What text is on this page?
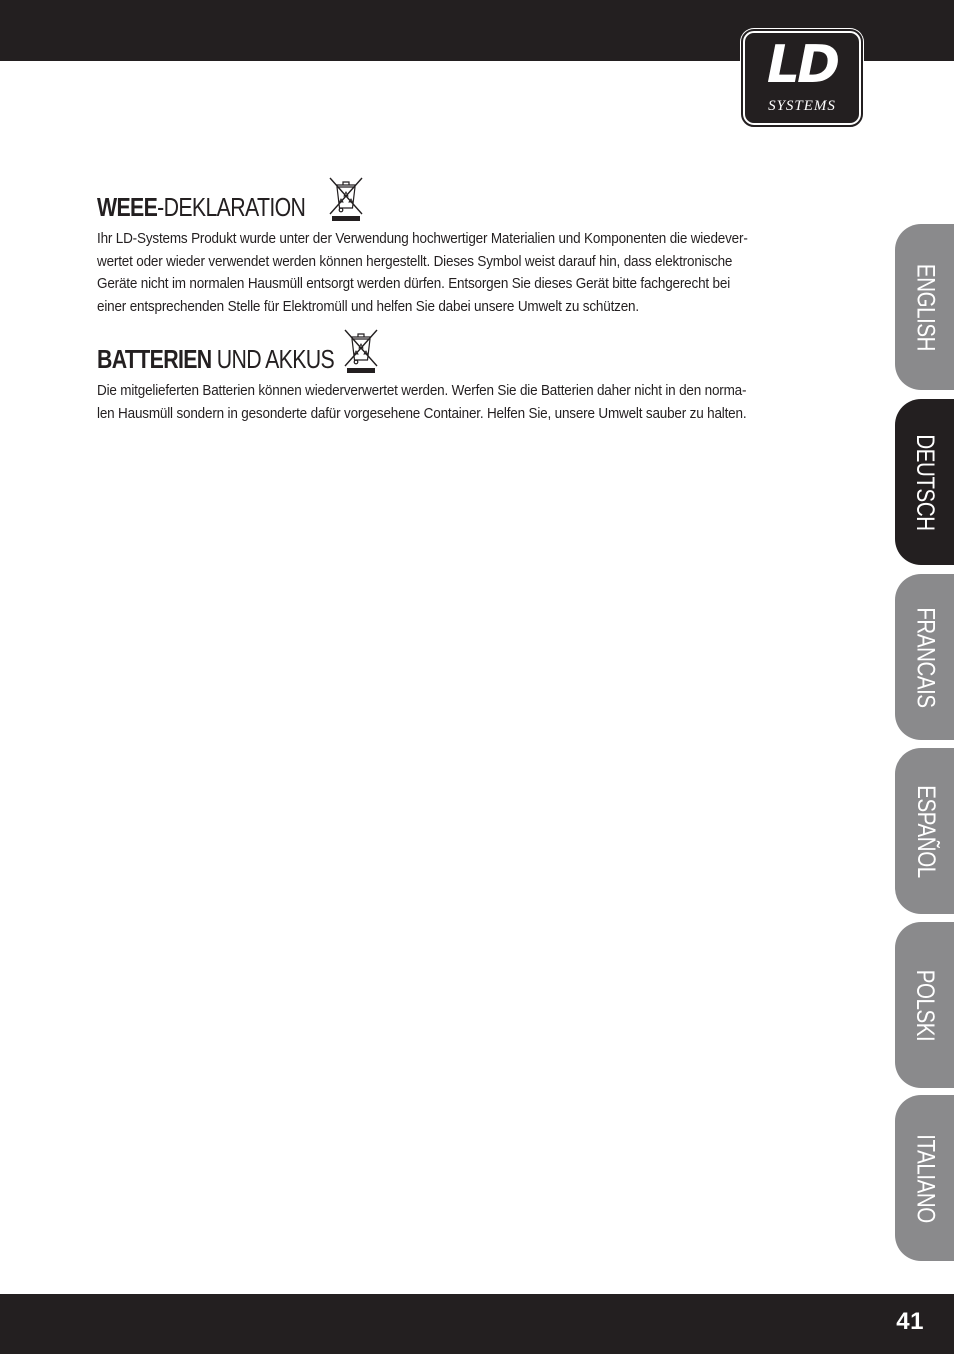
LD
SYSTEMS
WEEE-DEKLARATION

Ihr LD-Systems Produkt wurde unter der Verwendung hochwertiger Materialien und Komponenten die wiedever-
wertet oder wieder verwendet werden können hergestellt. Dieses Symbol weist darauf hin, dass elektronische
Geräte nicht im normalen Hausmüll entsorgt werden dürfen. Entsorgen Sie dieses Gerät bitte fachgerecht bei
einer entsprechenden Stelle für Elektromüll und helfen Sie dabei unsere Umwelt zu schützen.

BATTERIEN UND AKKUS

Die mitgelieferten Batterien können wiederverwertet werden. Werfen Sie die Batterien daher nicht in den norma-
len Hausmüll sondern in gesonderte dafür vorgesehene Container. Helfen Sie, unsere Umwelt sauber zu halten.

ENGLISH
DEUTSCH
FRANCAIS
ESPAÑOL
POLSKI
ITALIANO
41
